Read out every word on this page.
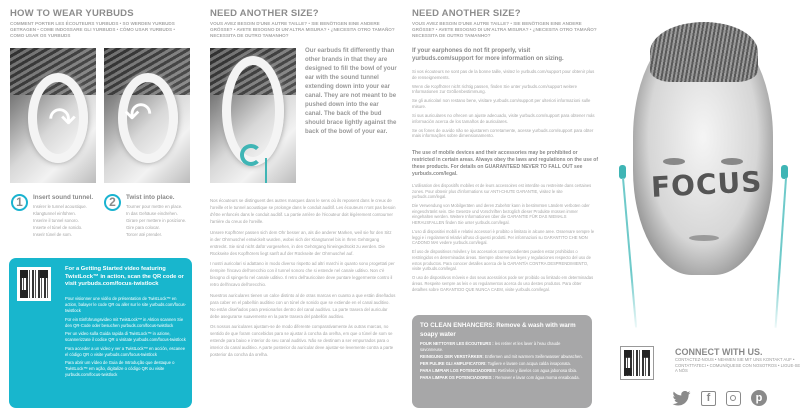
HOW TO WEAR YURBUDS
COMMENT PORTER LES ÉCOUTEURS YURBUDS • SO WERDEN YURBUDS GETRAGEN • COME INDOSSARE GLI YURBUDS • CÓMO USAR YURBUDS • COMO USAR OS YURBUDS
↷ ↶
1	Insert sound tunnel.
Insérer le tunnel acoustique.
Klangtunnel einführen.
Inserire il tunnel sonoro.
Inserte el túnel de sonido.
Inserir túnel de som.
2	Twist into place.
Tourner pour mettre en place.
In das Gehäuse eindrehen.
Girare per mettere in posizione.
Gire para colocar.
Torcer até prender.
For a Getting Started video featuring TwistLock™ in action, scan the QR code or visit yurbuds.com/focus-twistlock

Pour visionner une vidéo de présentation de TwistLock™ en action, balayer le code QR ou aller sur le site yurbuds.com/focus-twistlock

Für ein Einführungsvideo mit TwistLock™ in Aktion scannen Sie den QR-Code oder besuchen yurbuds.com/focus-twistlock

Per un video sulla Guida rapida di TwistLock™ in azione, scannerizzate il codice QR o visitate yurbuds.com/focus-twistlock

Para acceder a un video y ver a TwistLock™ en acción, escanee el código QR o visite yurbuds.com/focus-twistlock

Para abrir um vídeo de Guia de Introdução que destaque o TwistLock™ em ação, digitalize o código QR ou visite yurbuds.com/focus-twistlock

NEED ANOTHER SIZE?
VOUS AVEZ BESOIN D'UNE AUTRE TAILLE? • SIE BENÖTIGEN EINE ANDERE GRÖSSE? • AVETE BISOGNO DI UN'ALTRA MISURA? • ¿NECESITA OTRO TAMAÑO? NECESSITA DE OUTRO TAMANHO?
Our earbuds fit differently than other brands in that they are designed to fill the bowl of your ear with the sound tunnel extending down into your ear canal. They are not meant to be pushed down into the ear canal. The back of the bud should brace lightly against the back of the bowl of your ear.

Nos écouteurs se distinguent des autres marques dans le sens où ils reposent dans le creux de l'oreille et le tunnel acoustique se prolonge dans le conduit auditif. Les écouteurs n'ont pas besoin d'être enfoncés dans le conduit auditif. La partie arrière de l'écouteur doit légèrement contourner l'arrière du creux de l'oreille.

Unsere Kopfhörer passen sich dem Ohr besser an, als die anderer Marken, weil sie für den Sitz in der Ohrmuschel entwickelt wurden, wobei sich der Klangtunnel bis in Ihren Gehörgang erstreckt. Sie sind nicht dafür vorgesehen, in den Gehörgang hineingedrückt zu werden. Die Rückseite des Kopfhörers liegt sanft auf der Rückseite der Ohrmuschel auf.

I nostri auricolari si adattano in modo diverso rispetto ad altri marchi in quanto sono progettati per riempire l'incavo dell'orecchio con il tunnel sonoro che si estende nel canale uditivo. Non c'è bisogno di spingerlo nel canale uditivo. Il retro dell'auricolare deve puntare leggermente contro il retro dell'incavo dell'orecchio.

Nuestros auriculares tienen un calce distinto al de otras marcas en cuanto a que están diseñados para caber en el pabellón auditivo con un túnel de sonido que se extiende en el canal auditivo. No están diseñados para presionarlos dentro del canal auditivo. La parte trasera del auricular debe asegurarse suavemente en la parte trasera del pabellón auditivo.

Os nossos auriculares ajustam-se de modo diferente comparativamente às outras marcas, no sentido de que foram concebidos para se ajustar à concha da orelha, em que o túnel de som se estende para baixo e interior do seu canal auditivo. Não se destinam a ser empurrados para o interior do canal auditivo. A parte posterior do auricular deve ajustar-se levemente contra a parte posterior da concha da orelha.

NEED ANOTHER SIZE?
VOUS AVEZ BESOIN D'UNE AUTRE TAILLE? • SIE BENÖTIGEN EINE ANDERE GRÖSSE? • AVETE BISOGNO DI UN'ALTRA MISURA? • ¿NECESITA OTRO TAMAÑO? NECESSITA DE OUTRO TAMANHO?
If your earphones do not fit properly, visit yurbuds.com/support for more information on sizing.

Si vos écouteurs ne sont pas de la bonne taille, visitez le yurbuds.com/support pour obtenir plus de renseignements.

Wenn die Kopfhörer nicht richtig passen, finden Sie unter yurbuds.com/support weitere Informationen zur Größenbestimmung.

Se gli auricolari non restano bene, visitare yurbuds.com/support per ulteriori informazioni sulle misure.

Si sus auriculares no ofrecen un ajuste adecuado, visite yurbuds.com/support para obtener más información acerca de los tamaños de auriculares.

Se os fones de ouvido não se ajustarem corretamente, acesse yurbuds.com/support para obter mais informações sobre dimensionamento.

The use of mobile devices and their accessories may be prohibited or restricted in certain areas. Always obey the laws and regulations on the use of these products. For details on GUARANTEED NEVER TO FALL OUT see yurbuds.com/legal.

L'utilisation des dispositifs mobiles et de leurs accessoires est interdite ou restreinte dans certaines zones. Pour obtenir plus d'informations sur ANTI-CHUTE GARANTIE, visitez le site yurbuds.com/legal.

Die Verwendung von Mobilgeräten und deren Zubehör kann in bestimmten Ländern verboten oder eingeschränkt sein. Die Gesetze und Vorschriften bezüglich dieser Produkte müssen immer eingehalten werden. Weitere Informationen über die GARANTIE FÜR DAS NIEMALS HERAUSFALLEN finden Sie unter yurbuds.com/legal.

L'uso di dispositivi mobili e relativi accessori è proibito o limitato in alcune aree. Osservare sempre le leggi e i regolamenti relativi all'uso di questi prodotti. Per informazioni su GARANTITO CHE NON CADONO MAI vedere yurbuds.com/legal.

El uso de dispositivos móviles y los accesorios correspondientes pueden estar prohibidos o restringidos en determinadas áreas. Siempre observe las leyes y regulaciones respecto del uso de estos productos. Para conocer detalles acerca de la GARANTÍA CONTRA DESPRENDIMIENTO, visite yurbuds.com/legal.

O uso de dispositivos móveis e dos seus acessórios pode ser proibido ou limitado em determinadas áreas. Respeite sempre as leis e os regulamentos acerca do uso destes produtos. Para obter detalhes sobre GARANTIDO QUE NUNCA CAEM, visite yurbuds.com/legal.

TO CLEAN ENHANCERS: Remove & wash with warm soapy water

POUR NETTOYER LES ÉCOUTEURS : les retirer et les laver à l'eau chaude savonneuse.

REINIGUNG DER VERSTÄRKER: Entfernen und mit warmem Seifenwasser abwaschen.

PER PULIRE GLI AMPLIFICATORI: Togliere e lavare con acqua calda insaponata.

PARA LIMPIAR LOS POTENCIADORES: Retírelos y lávelos con agua jabonosa tibia.

PARA LIMPAR OS POTENCIADORES : Remover e lavar com água morna ensaboada.

FOCUS
CONNECT WITH US.
CONTACTEZ-NOUS • NEHMEN SIE MIT UNS KONTAKT AUF • CONTATTATECI • COMUNÍQUESE CON NOSOTROS • LIGUE-SE A NÓS
f	p
